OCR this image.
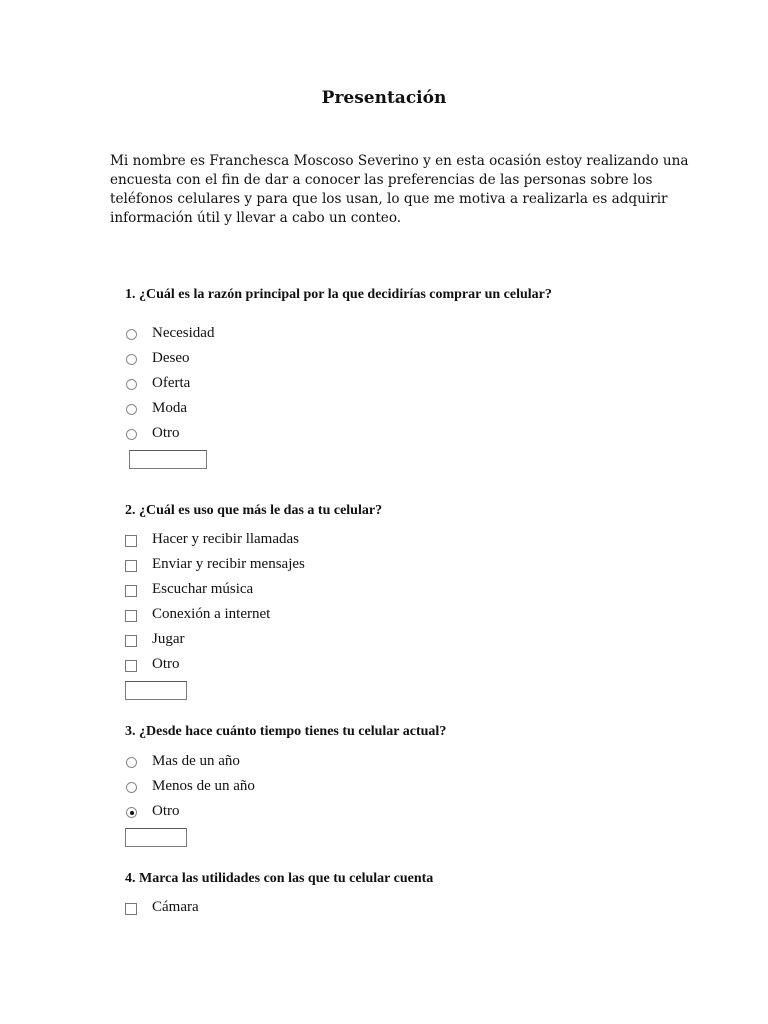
Presentación
Mi nombre es Franchesca Moscoso Severino y en esta ocasión estoy realizando una
encuesta con el fin de dar a conocer las preferencias de las personas sobre los
teléfonos celulares y para que los usan, lo que me motiva a realizarla es adquirir
información útil y llevar a cabo un conteo.
1. ¿Cuál es la razón principal por la que decidirías comprar un celular?
Necesidad
Deseo
Oferta
Moda
Otro
2. ¿Cuál es uso que más le das a tu celular?
Hacer y recibir llamadas
Enviar y recibir mensajes
Escuchar música
Conexión a internet
Jugar
Otro
3. ¿Desde hace cuánto tiempo tienes tu celular actual?
Mas de un año
Menos de un año
Otro
4. Marca las utilidades con las que tu celular cuenta
Cámara
